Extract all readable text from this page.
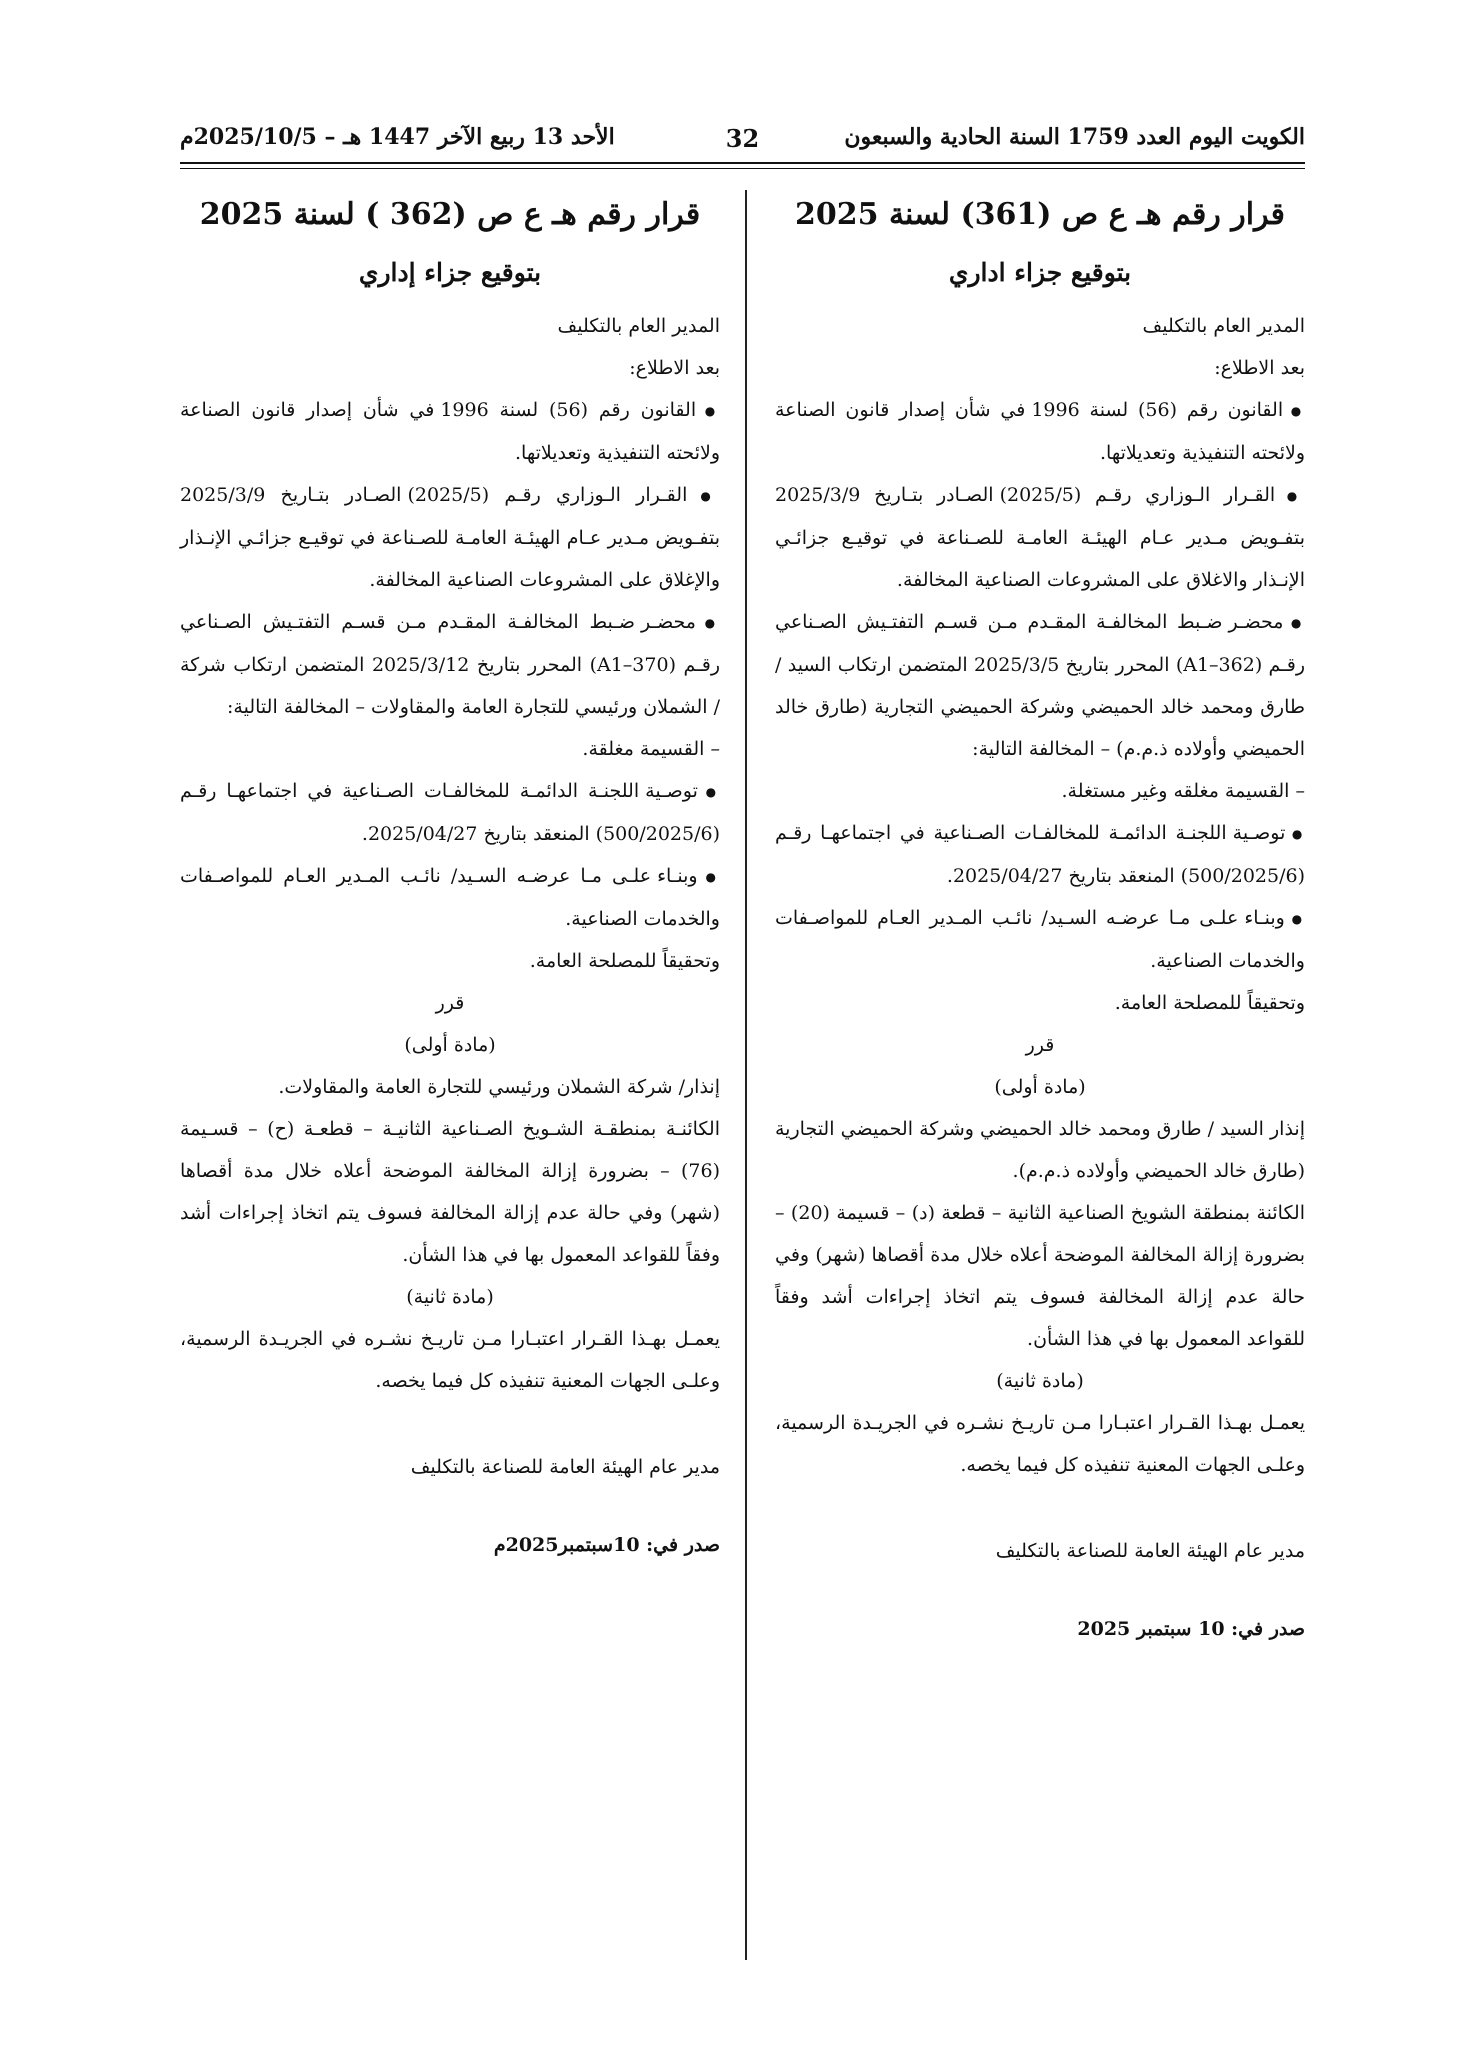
الكويت اليوم العدد 1759 السنة الحادية والسبعون
32
الأحد 13 ربيع الآخر 1447 هـ – 2025/10/5م
قرار رقم هـ ع ص (361) لسنة 2025
بتوقيع جزاء اداري

المدير العام بالتكليف

بعد الاطلاع:

● القانون رقم (56) لسنة 1996 في شأن إصدار قانون الصناعة ولائحته التنفيذية وتعديلاتها.

● القـرار الـوزاري رقـم (2025/5) الصـادر بتـاريخ 2025/3/9 بتفـويض مـدير عـام الهيئـة العامـة للصـناعة في توقيـع جزائـي الإنـذار والاغلاق على المشروعات الصناعية المخالفة.

● محضـر ضـبط المخالفـة المقـدم مـن قسـم التفتـيش الصـناعي رقـم (A1–362) المحرر بتاريخ 2025/3/5 المتضمن ارتكاب السيد / طارق ومحمد خالد الحميضي وشركة الحميضي التجارية (طارق خالد الحميضي وأولاده ذ.م.م) – المخالفة التالية:

– القسيمة مغلقه وغير مستغلة.

● توصـية اللجنـة الدائمـة للمخالفـات الصـناعية في اجتماعهـا رقـم (500/2025/6) المنعقد بتاريخ 2025/04/27.

● وبنـاء علـى مـا عرضـه السـيد/ نائـب المـدير العـام للمواصـفات والخدمات الصناعية.

وتحقيقاً للمصلحة العامة.

قرر

(مادة أولى)

إنذار السيد / طارق ومحمد خالد الحميضي وشركة الحميضي التجارية (طارق خالد الحميضي وأولاده ذ.م.م).

الكائنة بمنطقة الشويخ الصناعية الثانية – قطعة (د) – قسيمة (20) – بضرورة إزالة المخالفة الموضحة أعلاه خلال مدة أقصاها (شهر) وفي حالة عدم إزالة المخالفة فسوف يتم اتخاذ إجراءات أشد وفقاً للقواعد المعمول بها في هذا الشأن.

(مادة ثانية)

يعمـل بهـذا القـرار اعتبـارا مـن تاريـخ نشـره في الجريـدة الرسمية، وعلـى الجهات المعنية تنفيذه كل فيما يخصه.

مدير عام الهيئة العامة للصناعة بالتكليف

صدر في: 10 سبتمبر 2025

قرار رقم هـ ع ص (362 ) لسنة 2025
بتوقيع جزاء إداري

المدير العام بالتكليف

بعد الاطلاع:

● القانون رقم (56) لسنة 1996 في شأن إصدار قانون الصناعة ولائحته التنفيذية وتعديلاتها.

● القـرار الـوزاري رقـم (2025/5) الصـادر بتـاريخ 2025/3/9 بتفـويض مـدير عـام الهيئـة العامـة للصـناعة في توقيـع جزائـي الإنـذار والإغلاق على المشروعات الصناعية المخالفة.

● محضـر ضـبط المخالفـة المقـدم مـن قسـم التفتـيش الصـناعي رقـم (A1–370) المحرر بتاريخ 2025/3/12 المتضمن ارتكاب شركة / الشملان ورئيسي للتجارة العامة والمقاولات – المخالفة التالية:

– القسيمة مغلقة.

● توصـية اللجنـة الدائمـة للمخالفـات الصـناعية في اجتماعهـا رقـم (500/2025/6) المنعقد بتاريخ 2025/04/27.

● وبنـاء علـى مـا عرضـه السـيد/ نائـب المـدير العـام للمواصـفات والخدمات الصناعية.

وتحقيقاً للمصلحة العامة.

قرر

(مادة أولى)

إنذار/ شركة الشملان ورئيسي للتجارة العامة والمقاولات.

الكائنـة بمنطقـة الشـويخ الصـناعية الثانيـة – قطعـة (ح) – قسـيمة (76) – بضرورة إزالة المخالفة الموضحة أعلاه خلال مدة أقصاها (شهر) وفي حالة عدم إزالة المخالفة فسوف يتم اتخاذ إجراءات أشد وفقاً للقواعد المعمول بها في هذا الشأن.

(مادة ثانية)

يعمـل بهـذا القـرار اعتبـارا مـن تاريـخ نشـره في الجريـدة الرسمية، وعلـى الجهات المعنية تنفيذه كل فيما يخصه.

مدير عام الهيئة العامة للصناعة بالتكليف

صدر في: 10سبتمبر2025م
